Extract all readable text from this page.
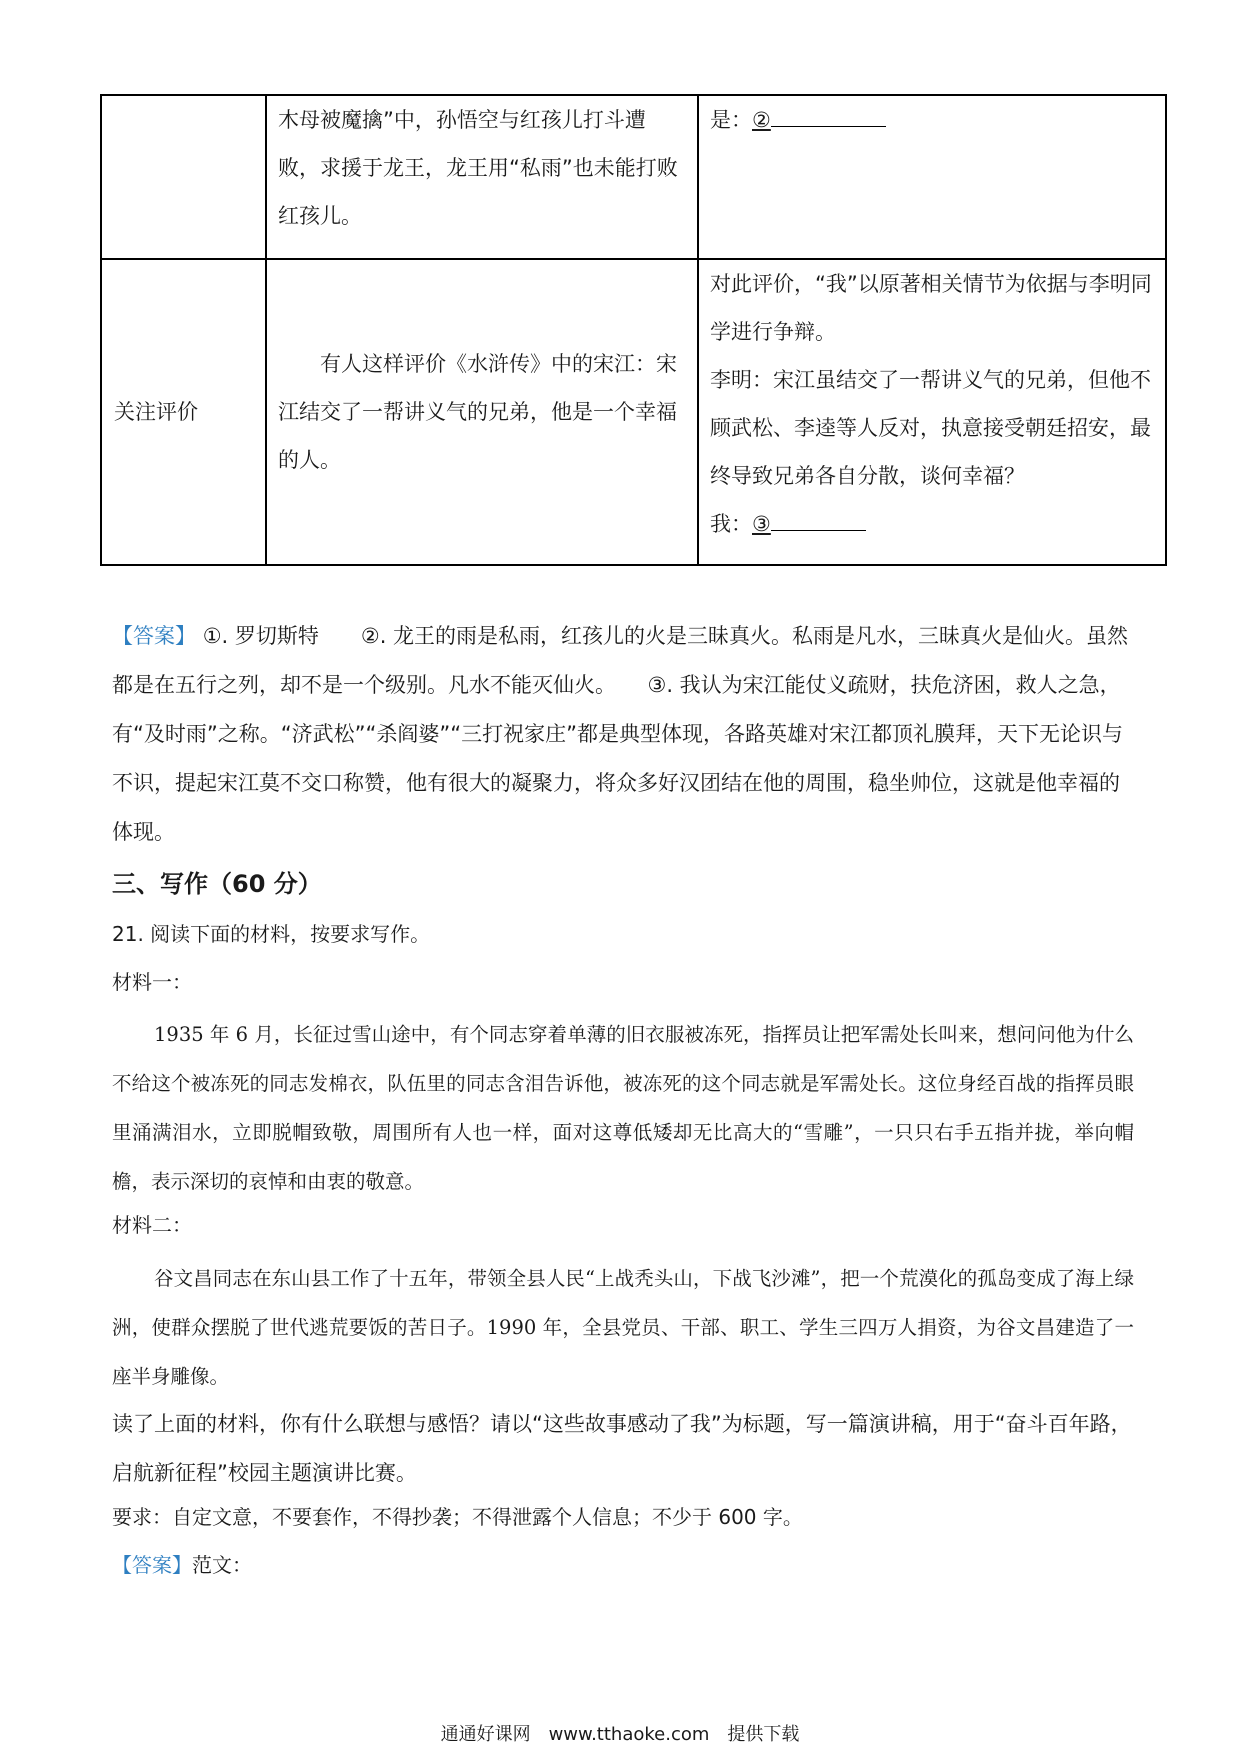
	木母被魔擒”中，孙悟空与红孩儿打斗遭败，求援于龙王，龙王用“私雨”也未能打败红孩儿。	是：②

关注评价	有人这样评价《水浒传》中的宋江：宋江结交了一帮讲义气的兄弟，他是一个幸福的人。	对此评价，“我”以原著相关情节为依据与李明同学进行争辩。
李明：宋江虽结交了一帮讲义气的兄弟，但他不顾武松、李逵等人反对，执意接受朝廷招安，最终导致兄弟各自分散，谈何幸福？
我：③
【答案】 ①. 罗切斯特　　②. 龙王的雨是私雨，红孩儿的火是三昧真火。私雨是凡水，三昧真火是仙火。虽然都是在五行之列，却不是一个级别。凡水不能灭仙火。　　③. 我认为宋江能仗义疏财，扶危济困，救人之急，有“及时雨”之称。“济武松”“杀阎婆”“三打祝家庄”都是典型体现，各路英雄对宋江都顶礼膜拜，天下无论识与不识，提起宋江莫不交口称赞，他有很大的凝聚力，将众多好汉团结在他的周围，稳坐帅位，这就是他幸福的体现。
三、写作（60 分）
21. 阅读下面的材料，按要求写作。
材料一：

1935 年 6 月，长征过雪山途中，有个同志穿着单薄的旧衣服被冻死，指挥员让把军需处长叫来，想问问他为什么不给这个被冻死的同志发棉衣，队伍里的同志含泪告诉他，被冻死的这个同志就是军需处长。这位身经百战的指挥员眼里涌满泪水，立即脱帽致敬，周围所有人也一样，面对这尊低矮却无比高大的“雪雕”，一只只右手五指并拢，举向帽檐，表示深切的哀悼和由衷的敬意。

材料二：

谷文昌同志在东山县工作了十五年，带领全县人民“上战秃头山，下战飞沙滩”，把一个荒漠化的孤岛变成了海上绿洲，使群众摆脱了世代逃荒要饭的苦日子。1990 年，全县党员、干部、职工、学生三四万人捐资，为谷文昌建造了一座半身雕像。

读了上面的材料，你有什么联想与感悟？请以“这些故事感动了我”为标题，写一篇演讲稿，用于“奋斗百年路，启航新征程”校园主题演讲比赛。
要求：自定文意，不要套作，不得抄袭；不得泄露个人信息；不少于 600 字。
【答案】范文：
通通好课网　www.tthaoke.com　提供下载
